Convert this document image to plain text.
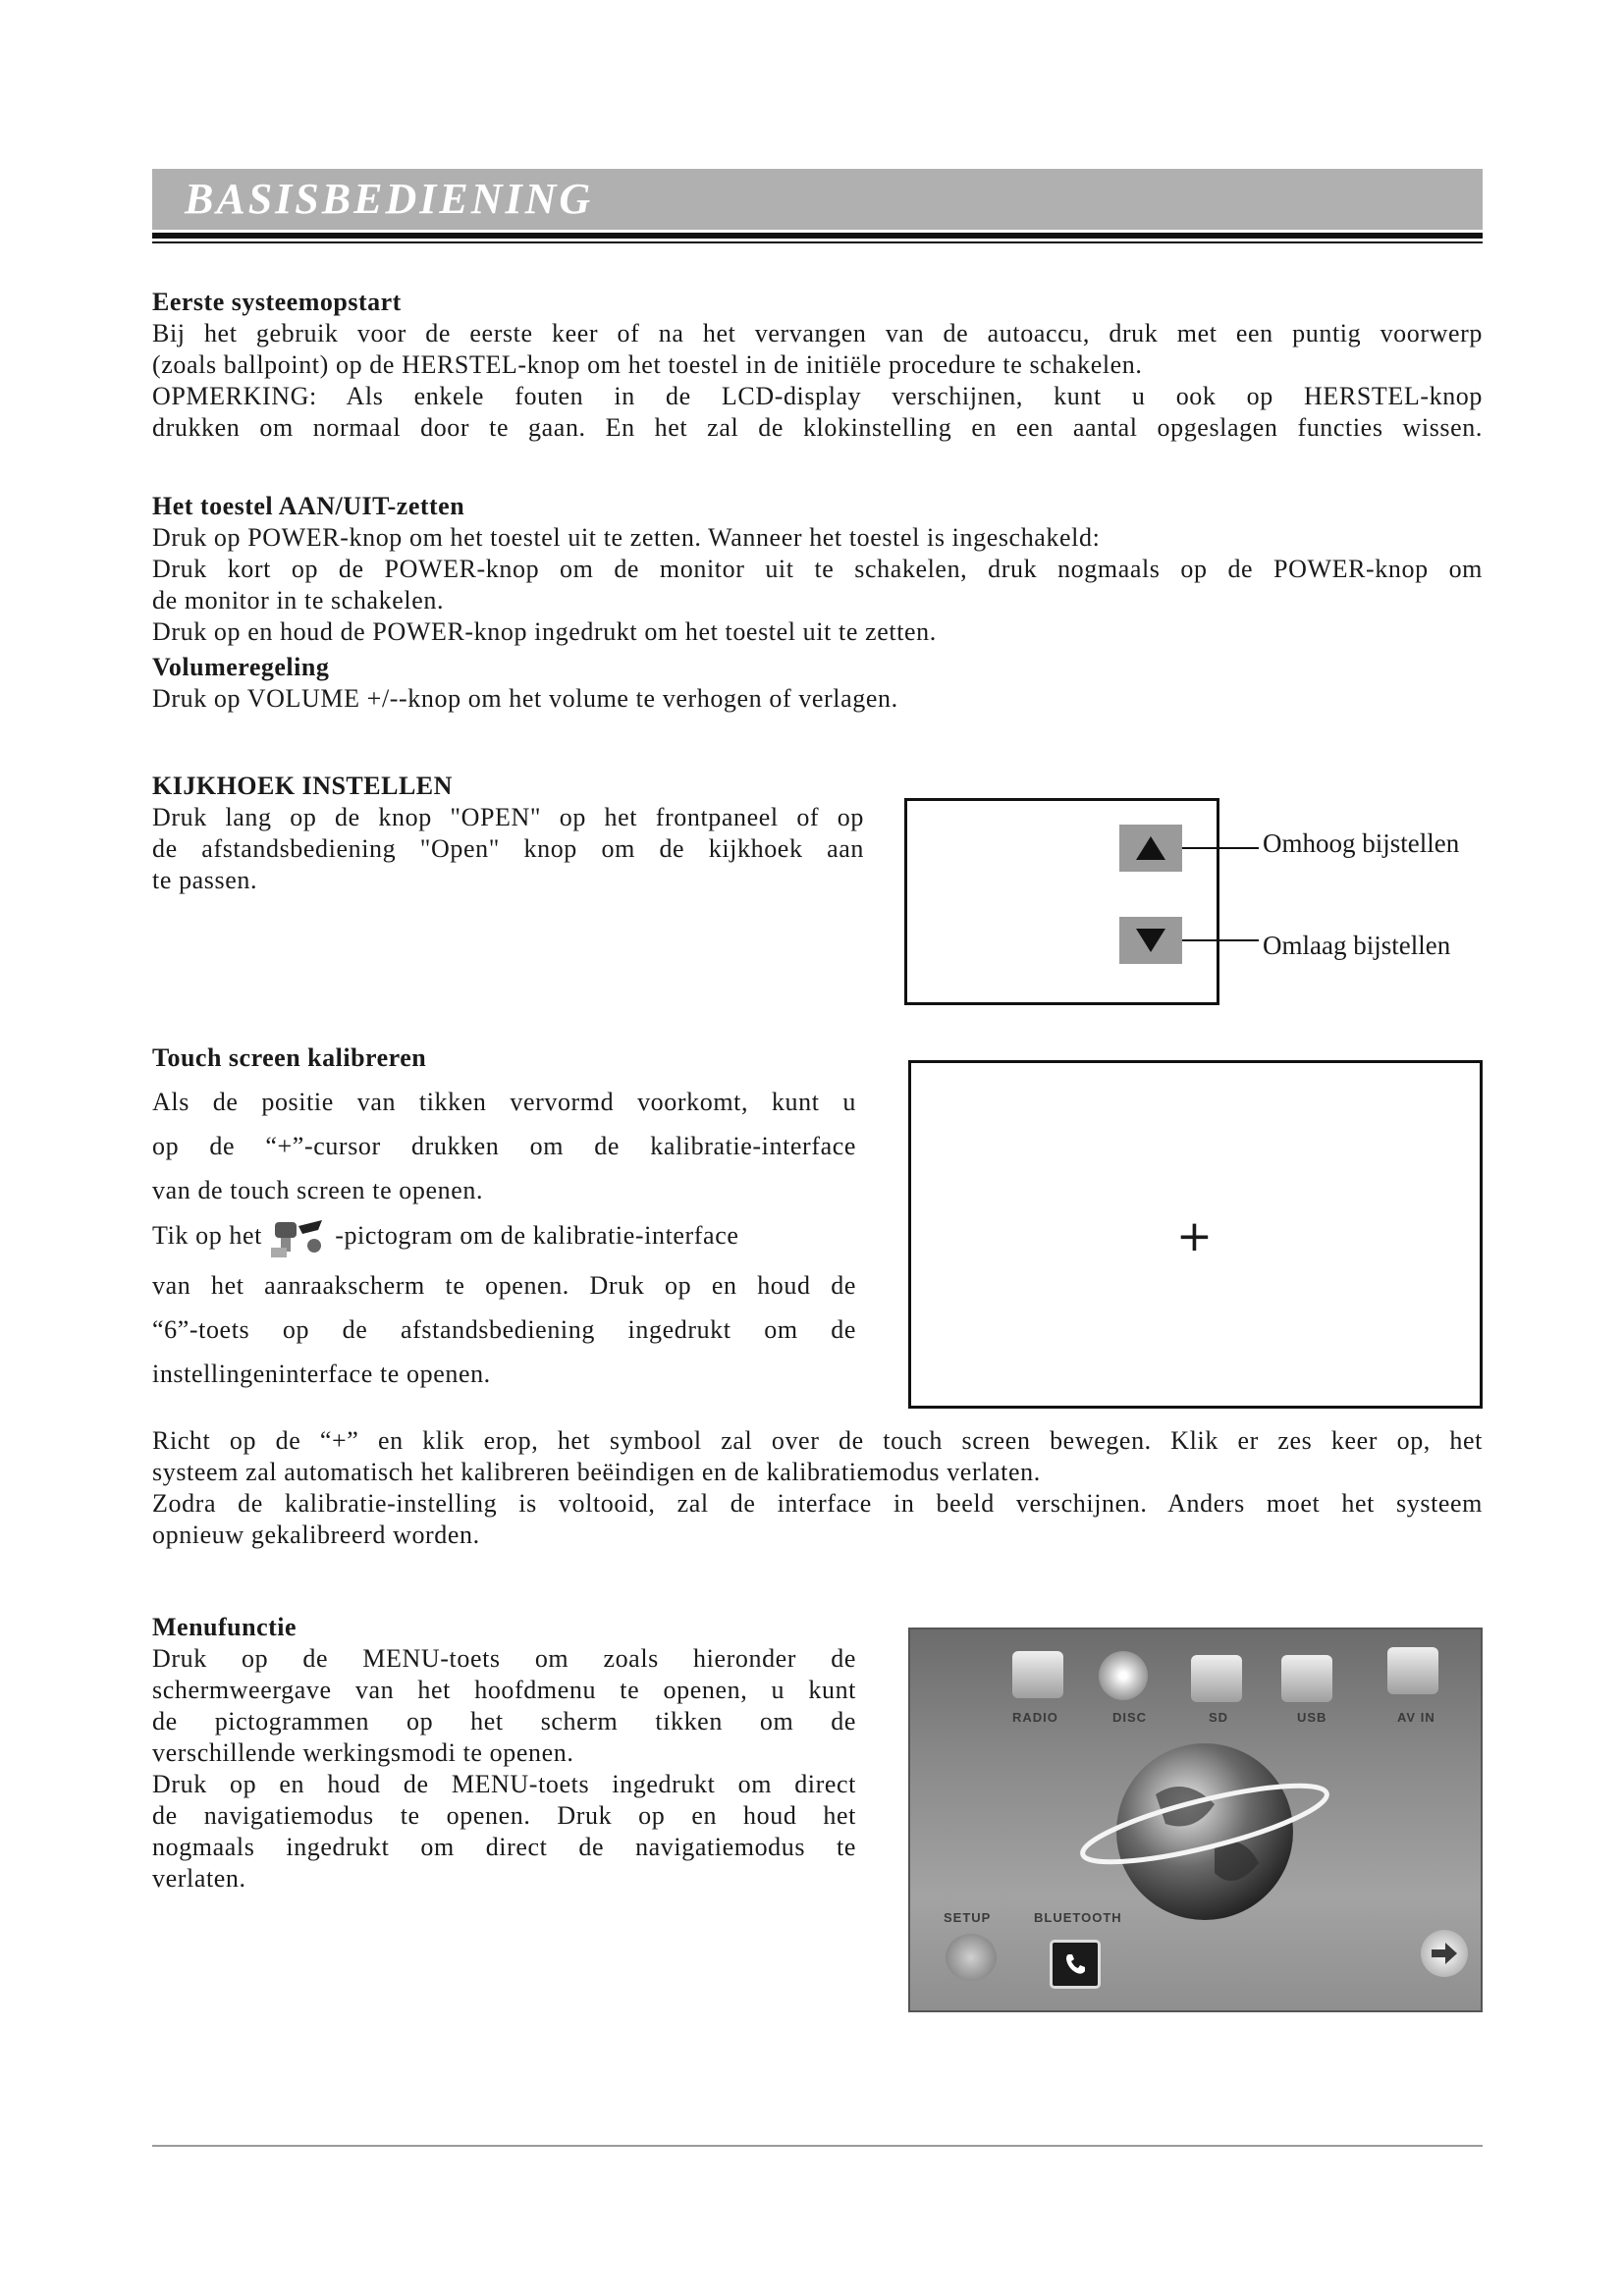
BASISBEDIENING
Eerste systeemopstart
Bij het gebruik voor de eerste keer of na het vervangen van de autoaccu, druk met een puntig voorwerp
(zoals ballpoint) op de HERSTEL-knop om het toestel in de initiële procedure te schakelen.
OPMERKING: Als enkele fouten in de LCD-display verschijnen, kunt u ook op HERSTEL-knop
drukken om normaal door te gaan. En het zal de klokinstelling en een aantal opgeslagen functies wissen.
Het toestel AAN/UIT-zetten
Druk op POWER-knop om het toestel uit te zetten. Wanneer het toestel is ingeschakeld:
Druk kort op de POWER-knop om de monitor uit te schakelen, druk nogmaals op de POWER-knop om
de monitor in te schakelen.
Druk op en houd de POWER-knop ingedrukt om het toestel uit te zetten.
Volumeregeling
Druk op VOLUME +/--knop om het volume te verhogen of verlagen.
KIJKHOEK INSTELLEN
Druk lang op de knop "OPEN" op het frontpaneel of op
de afstandsbediening "Open" knop om de kijkhoek aan
te passen.
Omhoog bijstellen
Omlaag bijstellen
Touch screen kalibreren
Als de positie van tikken vervormd voorkomt, kunt u
op de “+”-cursor drukken om de kalibratie-interface
van de touch screen te openen.
Tik op het	-pictogram om de kalibratie-interface
van het aanraakscherm te openen. Druk op en houd de
“6”-toets op de afstandsbediening ingedrukt om de
instellingeninterface te openen.
+
Richt op de “+” en klik erop, het symbool zal over de touch screen bewegen. Klik er zes keer op, het
systeem zal automatisch het kalibreren beëindigen en de kalibratiemodus verlaten.
Zodra de kalibratie-instelling is voltooid, zal de interface in beeld verschijnen. Anders moet het systeem
opnieuw gekalibreerd worden.
Menufunctie
Druk op de MENU-toets om zoals hieronder de
schermweergave van het hoofdmenu te openen, u kunt
de pictogrammen op het scherm tikken om de
verschillende werkingsmodi te openen.
Druk op en houd de MENU-toets ingedrukt om direct
de navigatiemodus te openen. Druk op en houd het
nogmaals ingedrukt om direct de navigatiemodus te
verlaten.
RADIO	DISC	SD	USB	AV IN
SETUP	BLUETOOTH
